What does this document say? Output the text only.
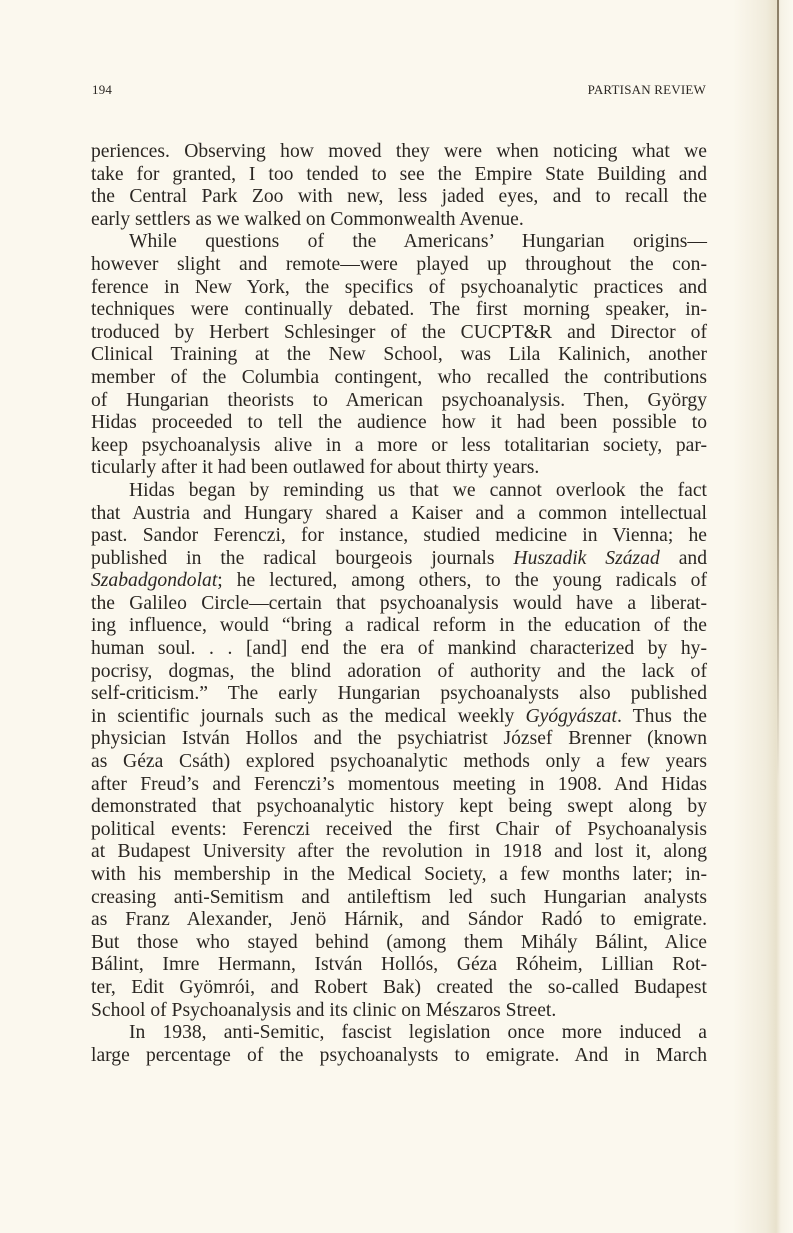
194	PARTISAN REVIEW
periences. Observing how moved they were when noticing what we
take for granted, I too tended to see the Empire State Building and
the Central Park Zoo with new, less jaded eyes, and to recall the
early settlers as we walked on Commonwealth Avenue.
While questions of the Americans’ Hungarian origins—
however slight and remote—were played up throughout the con-
ference in New York, the specifics of psychoanalytic practices and
techniques were continually debated. The first morning speaker, in-
troduced by Herbert Schlesinger of the CUCPT&R and Director of
Clinical Training at the New School, was Lila Kalinich, another
member of the Columbia contingent, who recalled the contributions
of Hungarian theorists to American psychoanalysis. Then, György
Hidas proceeded to tell the audience how it had been possible to
keep psychoanalysis alive in a more or less totalitarian society, par-
ticularly after it had been outlawed for about thirty years.
Hidas began by reminding us that we cannot overlook the fact
that Austria and Hungary shared a Kaiser and a common intellectual
past. Sandor Ferenczi, for instance, studied medicine in Vienna; he
published in the radical bourgeois journals Huszadik Század and
Szabadgondolat; he lectured, among others, to the young radicals of
the Galileo Circle—certain that psychoanalysis would have a liberat-
ing influence, would “bring a radical reform in the education of the
human soul. . . [and] end the era of mankind characterized by hy-
pocrisy, dogmas, the blind adoration of authority and the lack of
self-criticism.” The early Hungarian psychoanalysts also published
in scientific journals such as the medical weekly Gyógyászat. Thus the
physician István Hollos and the psychiatrist József Brenner (known
as Géza Csáth) explored psychoanalytic methods only a few years
after Freud’s and Ferenczi’s momentous meeting in 1908. And Hidas
demonstrated that psychoanalytic history kept being swept along by
political events: Ferenczi received the first Chair of Psychoanalysis
at Budapest University after the revolution in 1918 and lost it, along
with his membership in the Medical Society, a few months later; in-
creasing anti-Semitism and antileftism led such Hungarian analysts
as Franz Alexander, Jenö Hárnik, and Sándor Radó to emigrate.
But those who stayed behind (among them Mihály Bálint, Alice
Bálint, Imre Hermann, István Hollós, Géza Róheim, Lillian Rot-
ter, Edit Gyömrói, and Robert Bak) created the so-called Budapest
School of Psychoanalysis and its clinic on Mészaros Street.
In 1938, anti-Semitic, fascist legislation once more induced a
large percentage of the psychoanalysts to emigrate. And in March
